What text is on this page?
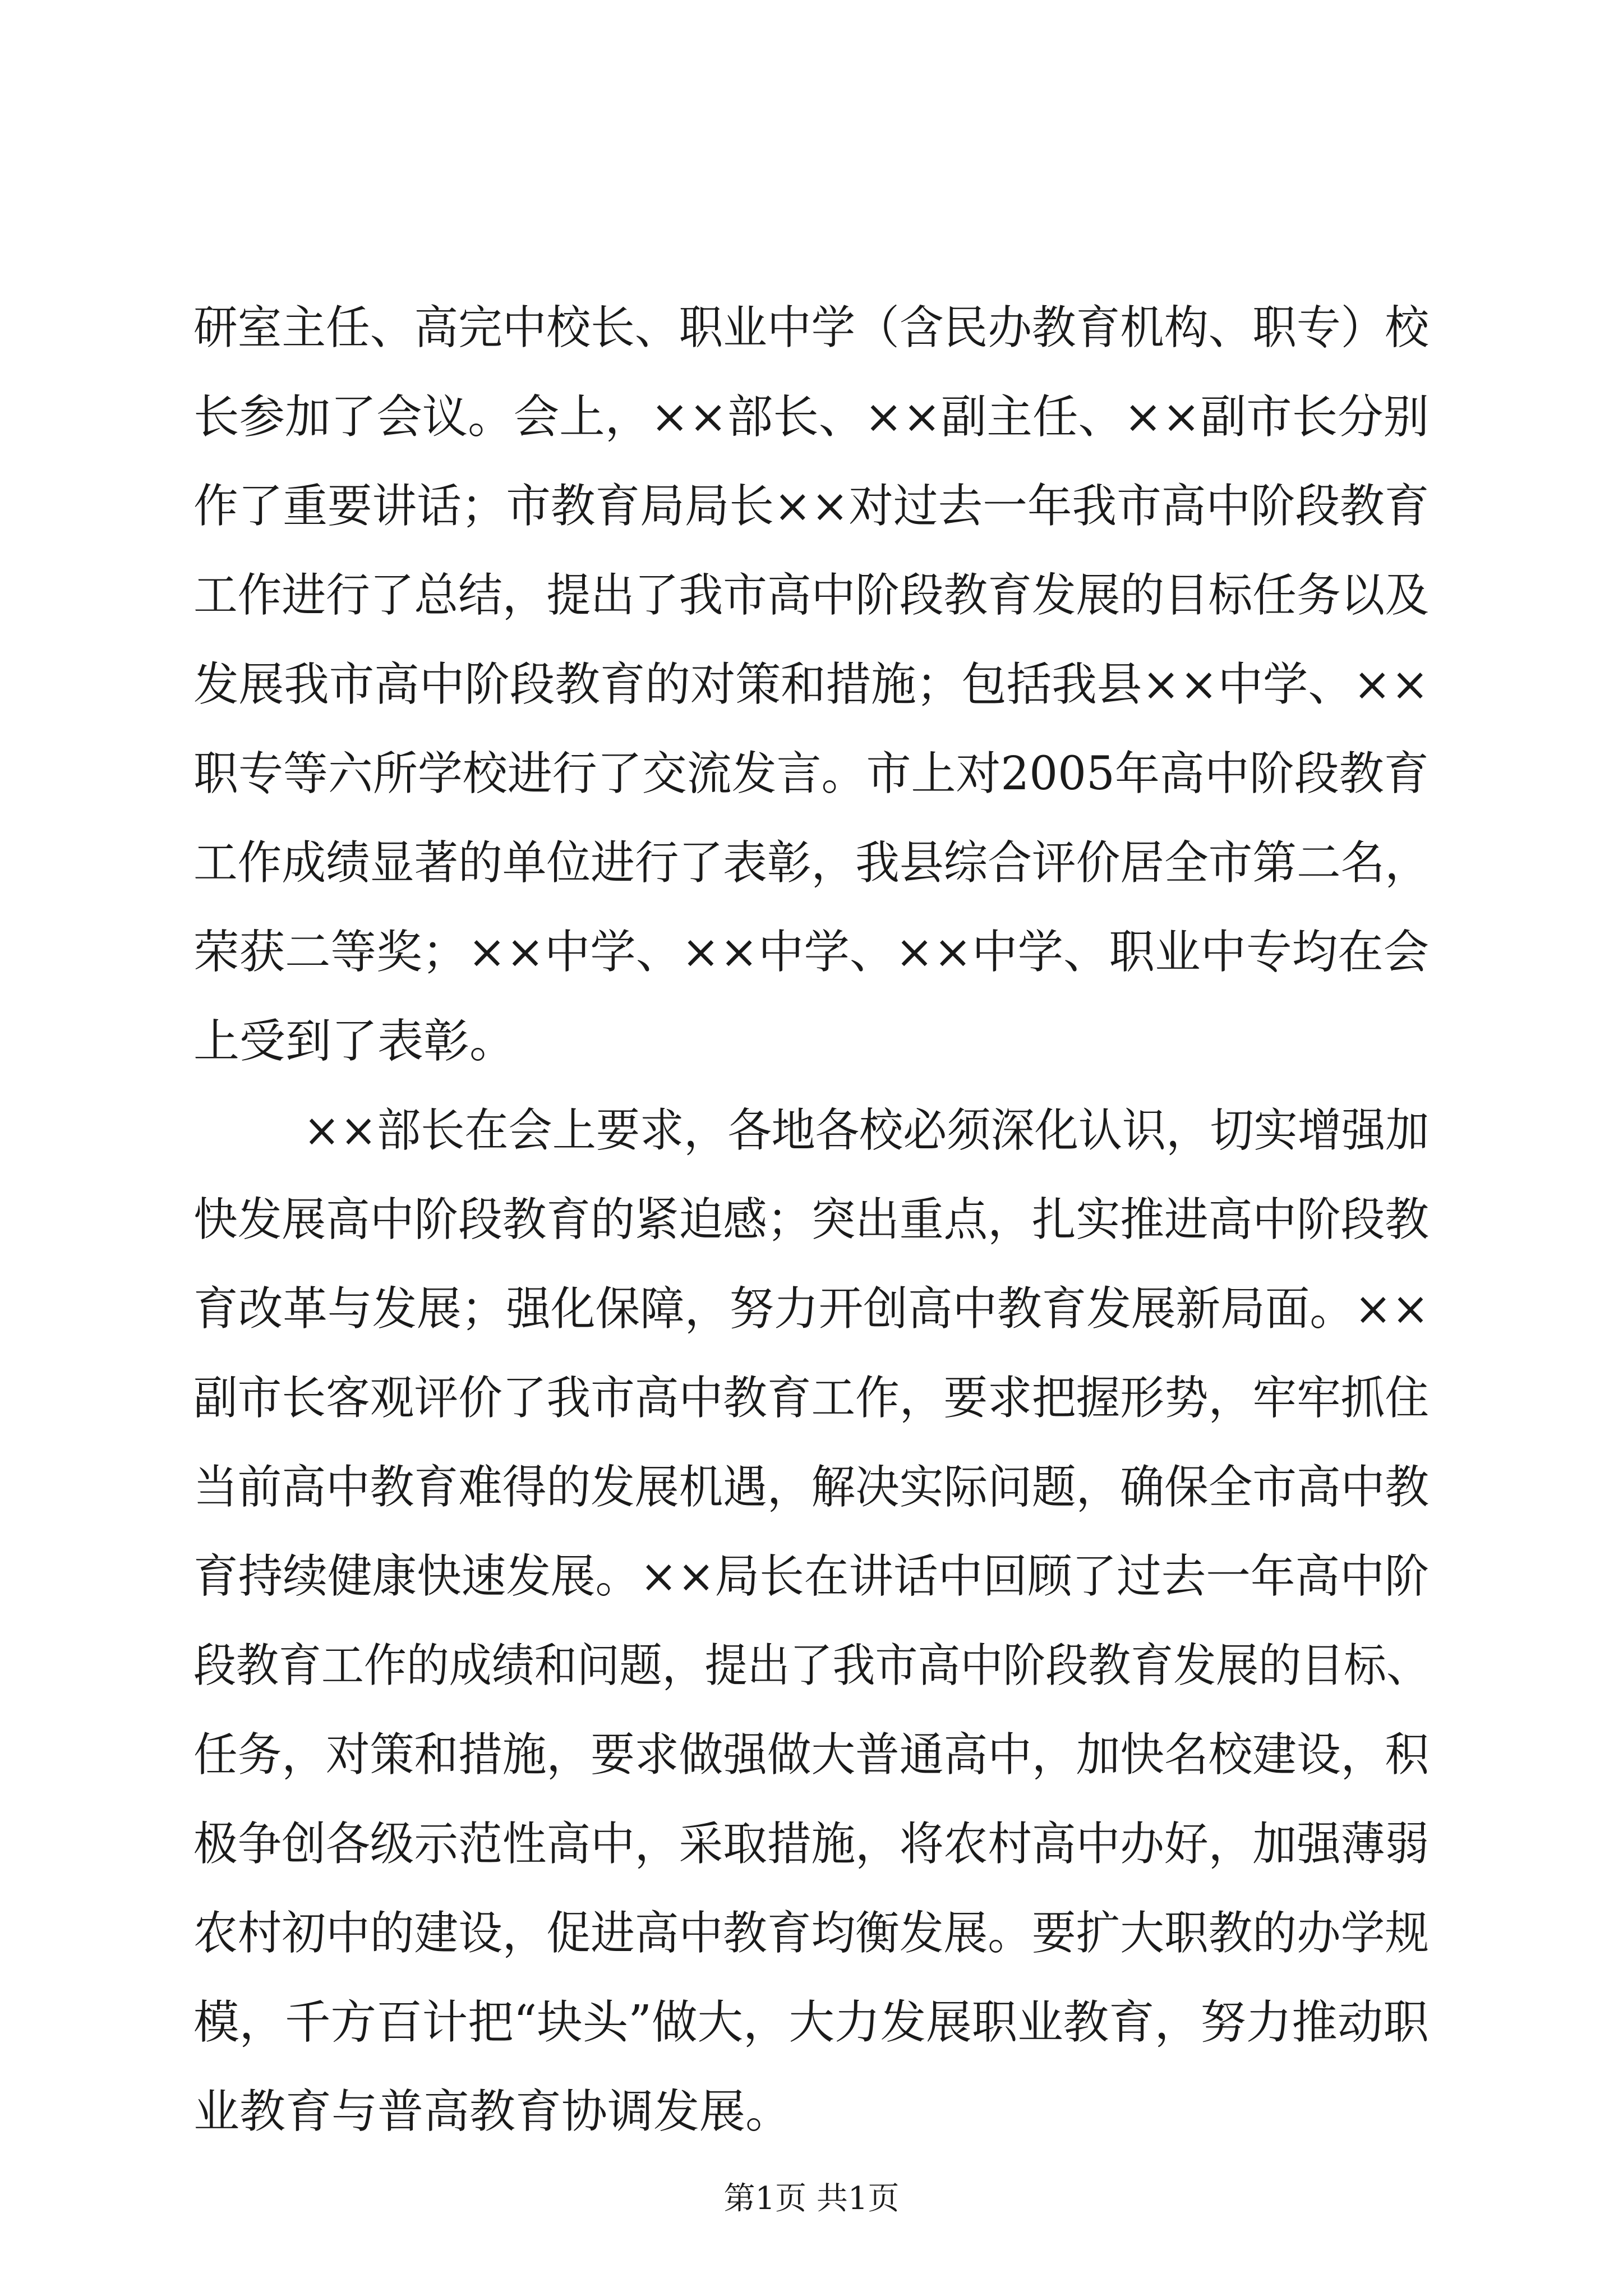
研室主任、高完中校长、职业中学（含民办教育机构、职专）校
长参加了会议。会上，××部长、××副主任、××副市长分别
作了重要讲话；市教育局局长××对过去一年我市高中阶段教育
工作进行了总结，提出了我市高中阶段教育发展的目标任务以及
发展我市高中阶段教育的对策和措施；包括我县××中学、××
职专等六所学校进行了交流发言。市上对2005年高中阶段教育
工作成绩显著的单位进行了表彰，我县综合评价居全市第二名，
荣获二等奖；××中学、××中学、××中学、职业中专均在会
上受到了表彰。
××部长在会上要求，各地各校必须深化认识，切实增强加
快发展高中阶段教育的紧迫感；突出重点，扎实推进高中阶段教
育改革与发展；强化保障，努力开创高中教育发展新局面。××
副市长客观评价了我市高中教育工作，要求把握形势，牢牢抓住
当前高中教育难得的发展机遇，解决实际问题，确保全市高中教
育持续健康快速发展。××局长在讲话中回顾了过去一年高中阶
段教育工作的成绩和问题，提出了我市高中阶段教育发展的目标、
任务，对策和措施，要求做强做大普通高中，加快名校建设，积
极争创各级示范性高中，采取措施，将农村高中办好，加强薄弱
农村初中的建设，促进高中教育均衡发展。要扩大职教的办学规
模，千方百计把“块头”做大，大力发展职业教育，努力推动职
业教育与普高教育协调发展。
第1页 共1页
